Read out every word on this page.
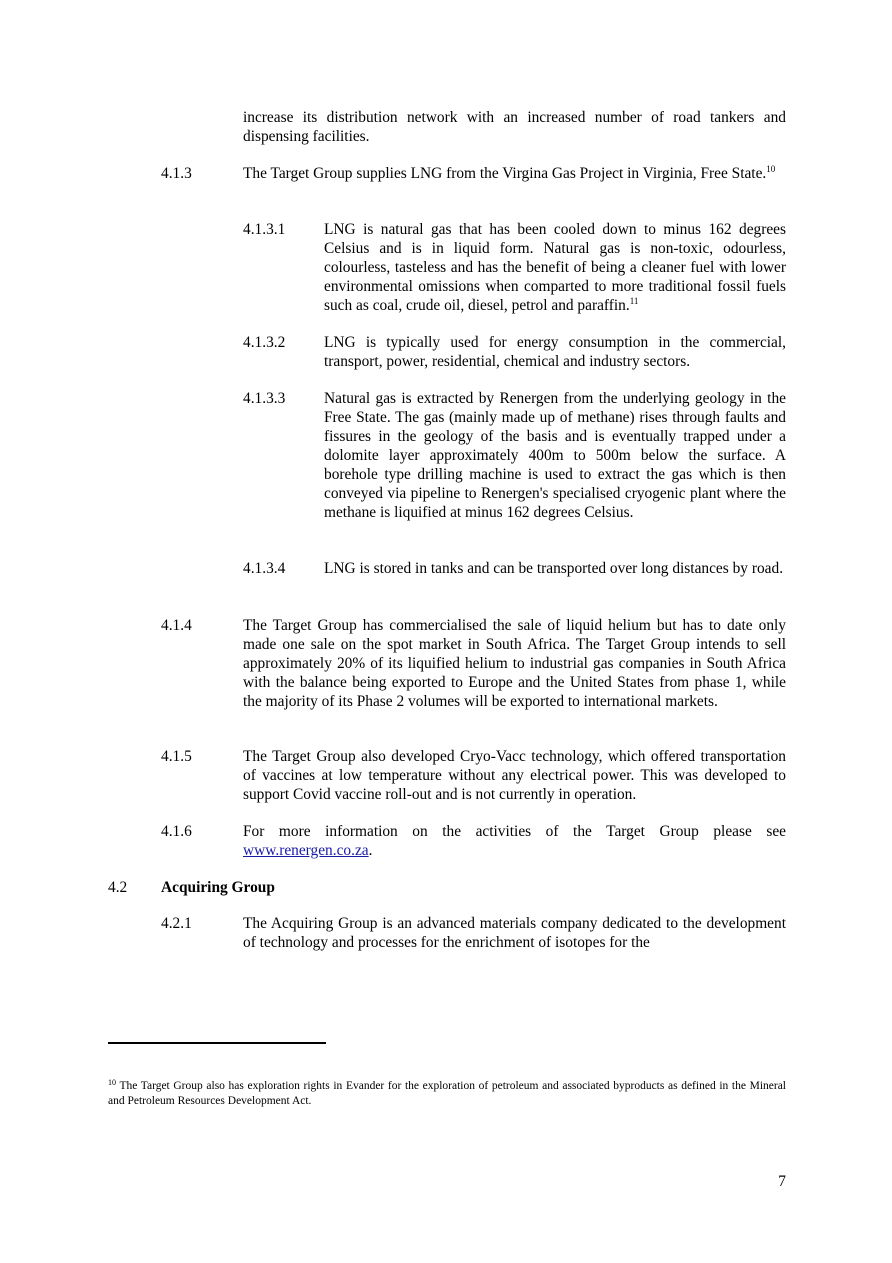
increase its distribution network with an increased number of road tankers and dispensing facilities.

4.1.3	The Target Group supplies LNG from the Virgina Gas Project in Virginia, Free State.$^{10}$

4.1.3.1	LNG is natural gas that has been cooled down to minus 162 degrees Celsius and is in liquid form. Natural gas is non-toxic, odourless, colourless, tasteless and has the benefit of being a cleaner fuel with lower environmental omissions when comparted to more traditional fossil fuels such as coal, crude oil, diesel, petrol and paraffin.$^{11}$

4.1.3.2	LNG is typically used for energy consumption in the commercial, transport, power, residential, chemical and industry sectors.

4.1.3.3	Natural gas is extracted by Renergen from the underlying geology in the Free State. The gas (mainly made up of methane) rises through faults and fissures in the geology of the basis and is eventually trapped under a dolomite layer approximately 400m to 500m below the surface. A borehole type drilling machine is used to extract the gas which is then conveyed via pipeline to Renergen's specialised cryogenic plant where the methane is liquified at minus 162 degrees Celsius.

4.1.3.4	LNG is stored in tanks and can be transported over long distances by road.

4.1.4	The Target Group has commercialised the sale of liquid helium but has to date only made one sale on the spot market in South Africa. The Target Group intends to sell approximately 20% of its liquified helium to industrial gas companies in South Africa with the balance being exported to Europe and the United States from phase 1, while the majority of its Phase 2 volumes will be exported to international markets.

4.1.5	The Target Group also developed Cryo-Vacc technology, which offered transportation of vaccines at low temperature without any electrical power. This was developed to support Covid vaccine roll-out and is not currently in operation.

4.1.6	For more information on the activities of the Target Group please see www.renergen.co.za.

4.2 Acquiring Group
4.2.1	The Acquiring Group is an advanced materials company dedicated to the development of technology and processes for the enrichment of isotopes for the

$^{10}$ The Target Group also has exploration rights in Evander for the exploration of petroleum and associated byproducts as defined in the Mineral and Petroleum Resources Development Act.

7
